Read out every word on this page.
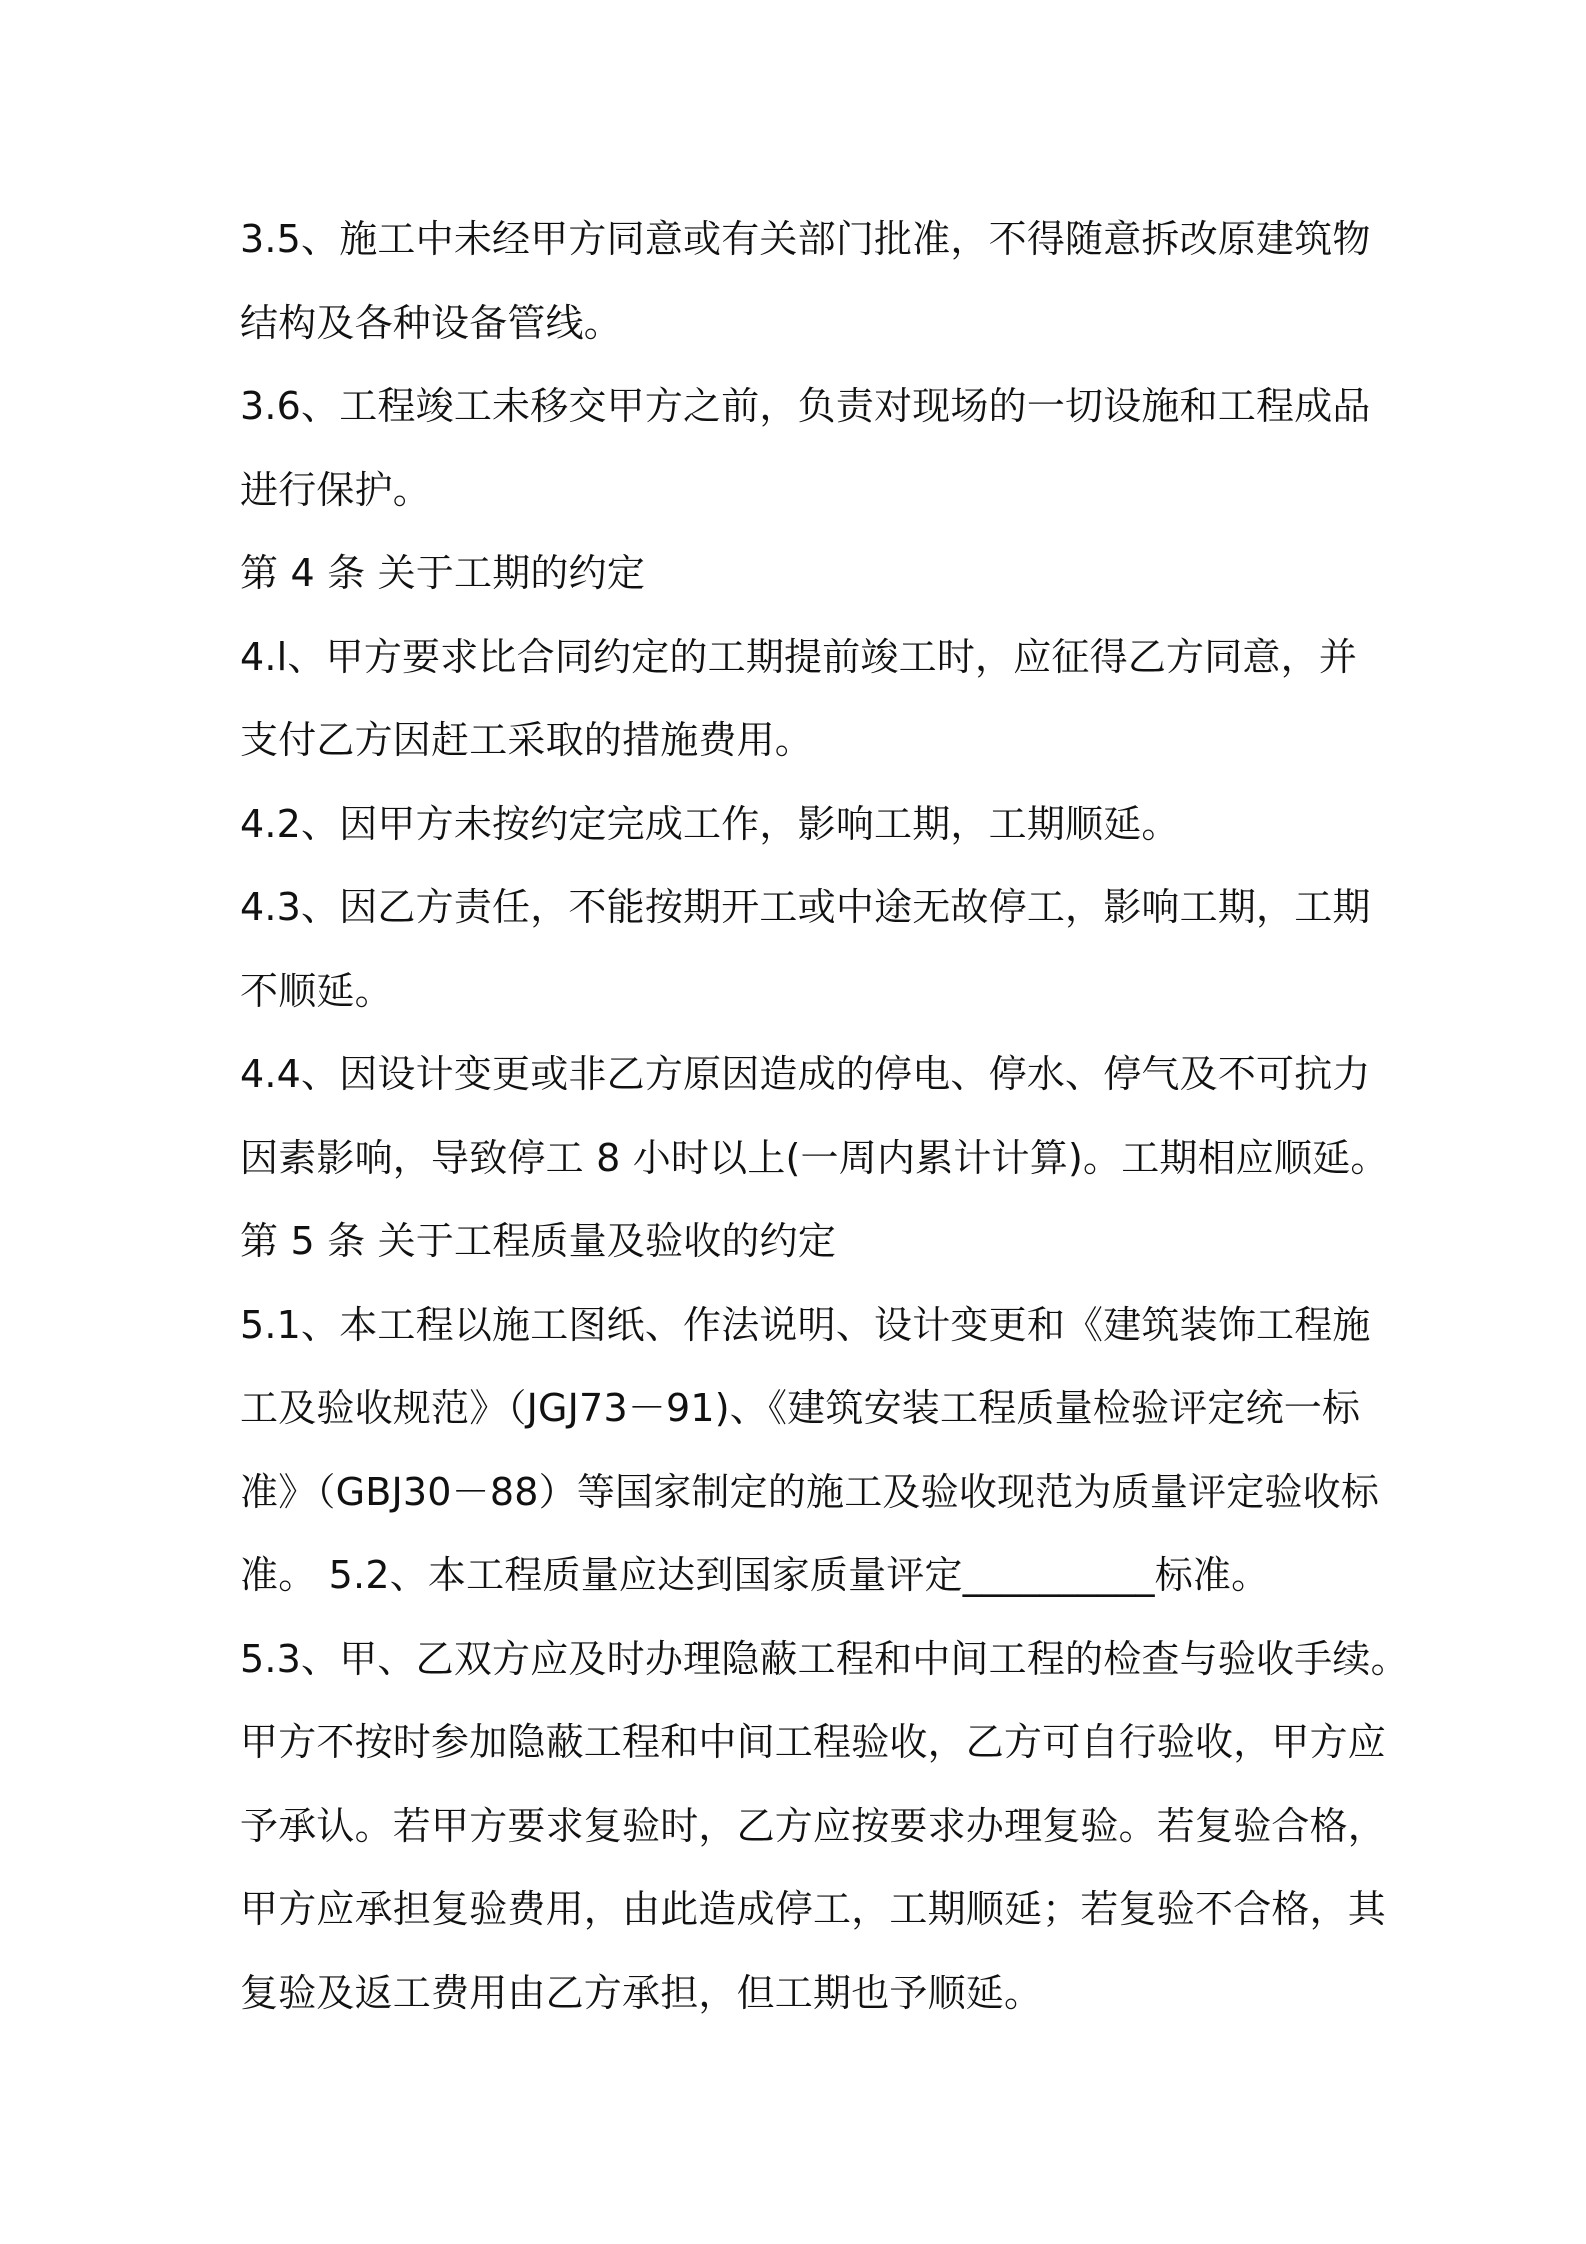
3.5、施工中未经甲方同意或有关部门批准，不得随意拆改原建筑物
结构及各种设备管线。
3.6、工程竣工未移交甲方之前，负责对现场的一切设施和工程成品
进行保护。
第 4 条 关于工期的约定
4.l、甲方要求比合同约定的工期提前竣工时，应征得乙方同意，并
支付乙方因赶工采取的措施费用。
4.2、因甲方未按约定完成工作，影响工期，工期顺延。
4.3、因乙方责任，不能按期开工或中途无故停工，影响工期，工期
不顺延。
4.4、因设计变更或非乙方原因造成的停电、停水、停气及不可抗力
因素影响，导致停工 8 小时以上(一周内累计计算)。工期相应顺延。
第 5 条 关于工程质量及验收的约定
5.1、本工程以施工图纸、作法说明、设计变更和《建筑装饰工程施
工及验收规范》（JGJ73－91)、《建筑安装工程质量检验评定统一标
准》（GBJ30－88）等国家制定的施工及验收现范为质量评定验收标
准。 5.2、本工程质量应达到国家质量评定__________标准。
5.3、甲、乙双方应及时办理隐蔽工程和中间工程的检查与验收手续。
甲方不按时参加隐蔽工程和中间工程验收，乙方可自行验收，甲方应
予承认。若甲方要求复验时，乙方应按要求办理复验。若复验合格，
甲方应承担复验费用，由此造成停工，工期顺延；若复验不合格，其
复验及返工费用由乙方承担，但工期也予顺延。
